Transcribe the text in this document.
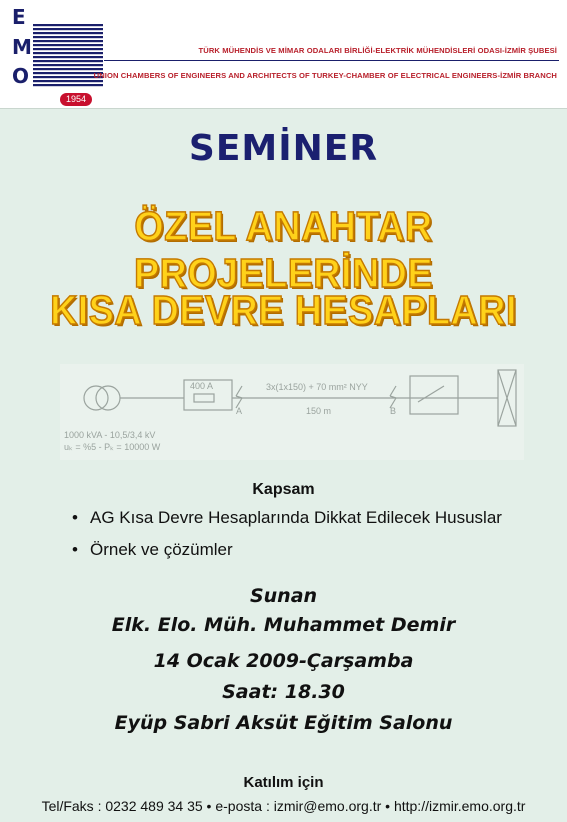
E
M
O
1954
TÜRK MÜHENDİS VE MİMAR ODALARI BİRLİĞİ-ELEKTRİK MÜHENDİSLERİ ODASI-İZMİR ŞUBESİ
UNION CHAMBERS OF ENGINEERS AND ARCHITECTS OF TURKEY-CHAMBER OF ELECTRICAL ENGINEERS-İZMİR BRANCH
SEMİNER
ÖZEL ANAHTAR PROJELERİNDE
KISA DEVRE HESAPLARI
400 A	3x(1x150) + 70 mm² NYY
150 m
A	B
1000 kVA - 10,5/3,4 kV
uₖ = %5 - Pₖ = 10000 W
Kapsam
• AG Kısa Devre Hesaplarında Dikkat Edilecek Hususlar
• Örnek ve çözümler
Sunan
Elk. Elo. Müh. Muhammet Demir
14 Ocak 2009-Çarşamba
Saat: 18.30
Eyüp Sabri Aksüt Eğitim Salonu
Katılım için
Tel/Faks : 0232 489 34 35 • e-posta : izmir@emo.org.tr • http://izmir.emo.org.tr
